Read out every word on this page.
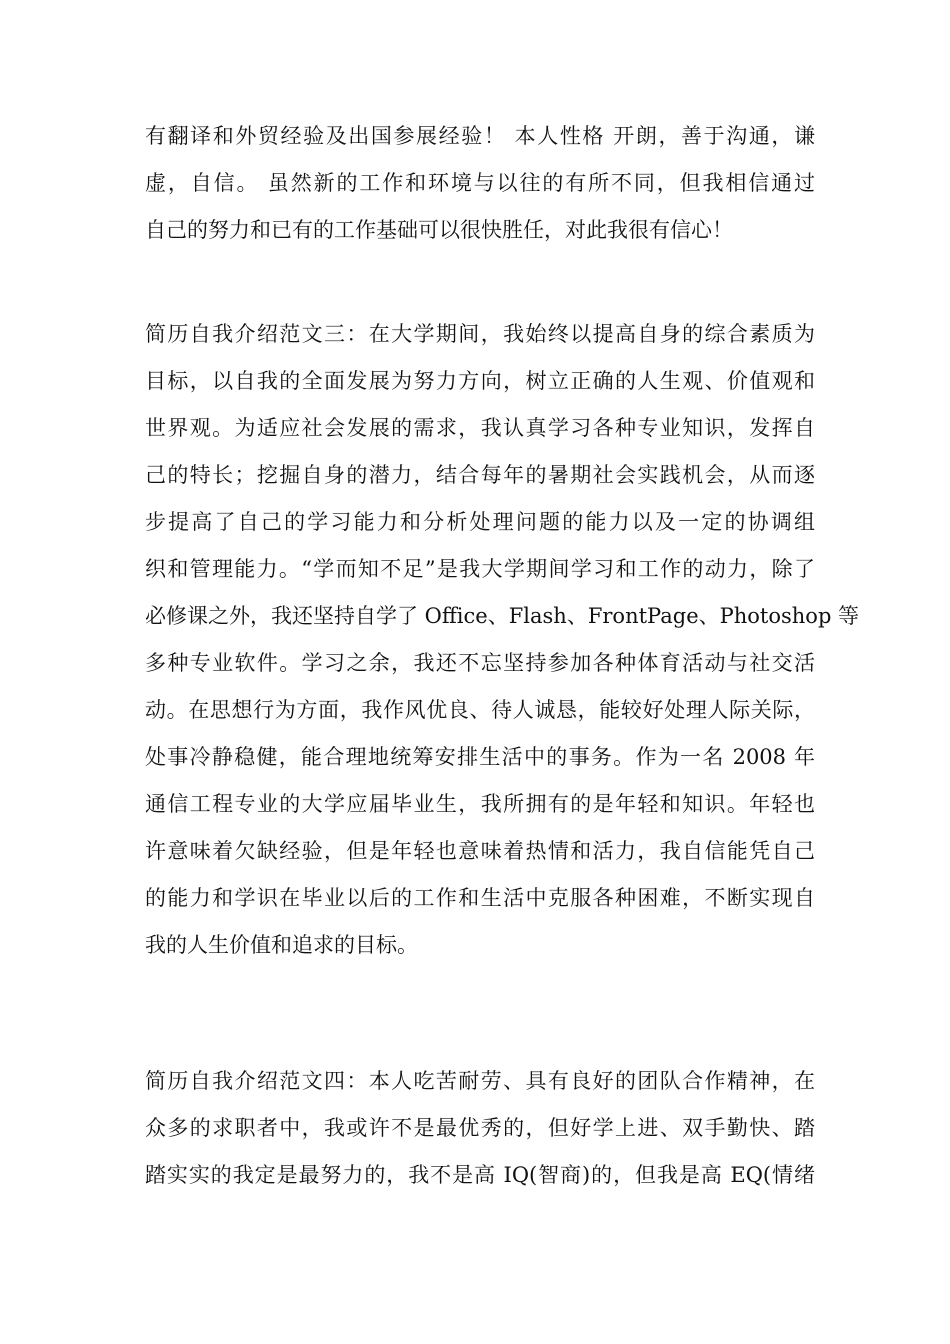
有翻译和外贸经验及出国参展经验！ 本人性格 开朗，善于沟通，谦
虚，自信。 虽然新的工作和环境与以往的有所不同，但我相信通过
自己的努力和已有的工作基础可以很快胜任，对此我很有信心！
简历自我介绍范文三：在大学期间，我始终以提高自身的综合素质为
目标，以自我的全面发展为努力方向，树立正确的人生观、价值观和
世界观。为适应社会发展的需求，我认真学习各种专业知识，发挥自
己的特长；挖掘自身的潜力，结合每年的暑期社会实践机会，从而逐
步提高了自己的学习能力和分析处理问题的能力以及一定的协调组
织和管理能力。“学而知不足”是我大学期间学习和工作的动力，除了
必修课之外，我还坚持自学了 Office、Flash、FrontPage、Photoshop 等
多种专业软件。学习之余，我还不忘坚持参加各种体育活动与社交活
动。在思想行为方面，我作风优良、待人诚恳，能较好处理人际关际，
处事冷静稳健，能合理地统筹安排生活中的事务。作为一名 2008 年
通信工程专业的大学应届毕业生，我所拥有的是年轻和知识。年轻也
许意味着欠缺经验，但是年轻也意味着热情和活力，我自信能凭自己
的能力和学识在毕业以后的工作和生活中克服各种困难，不断实现自
我的人生价值和追求的目标。
简历自我介绍范文四：本人吃苦耐劳、具有良好的团队合作精神，在
众多的求职者中，我或许不是最优秀的，但好学上进、双手勤快、踏
踏实实的我定是最努力的，我不是高 IQ(智商)的，但我是高 EQ(情绪
